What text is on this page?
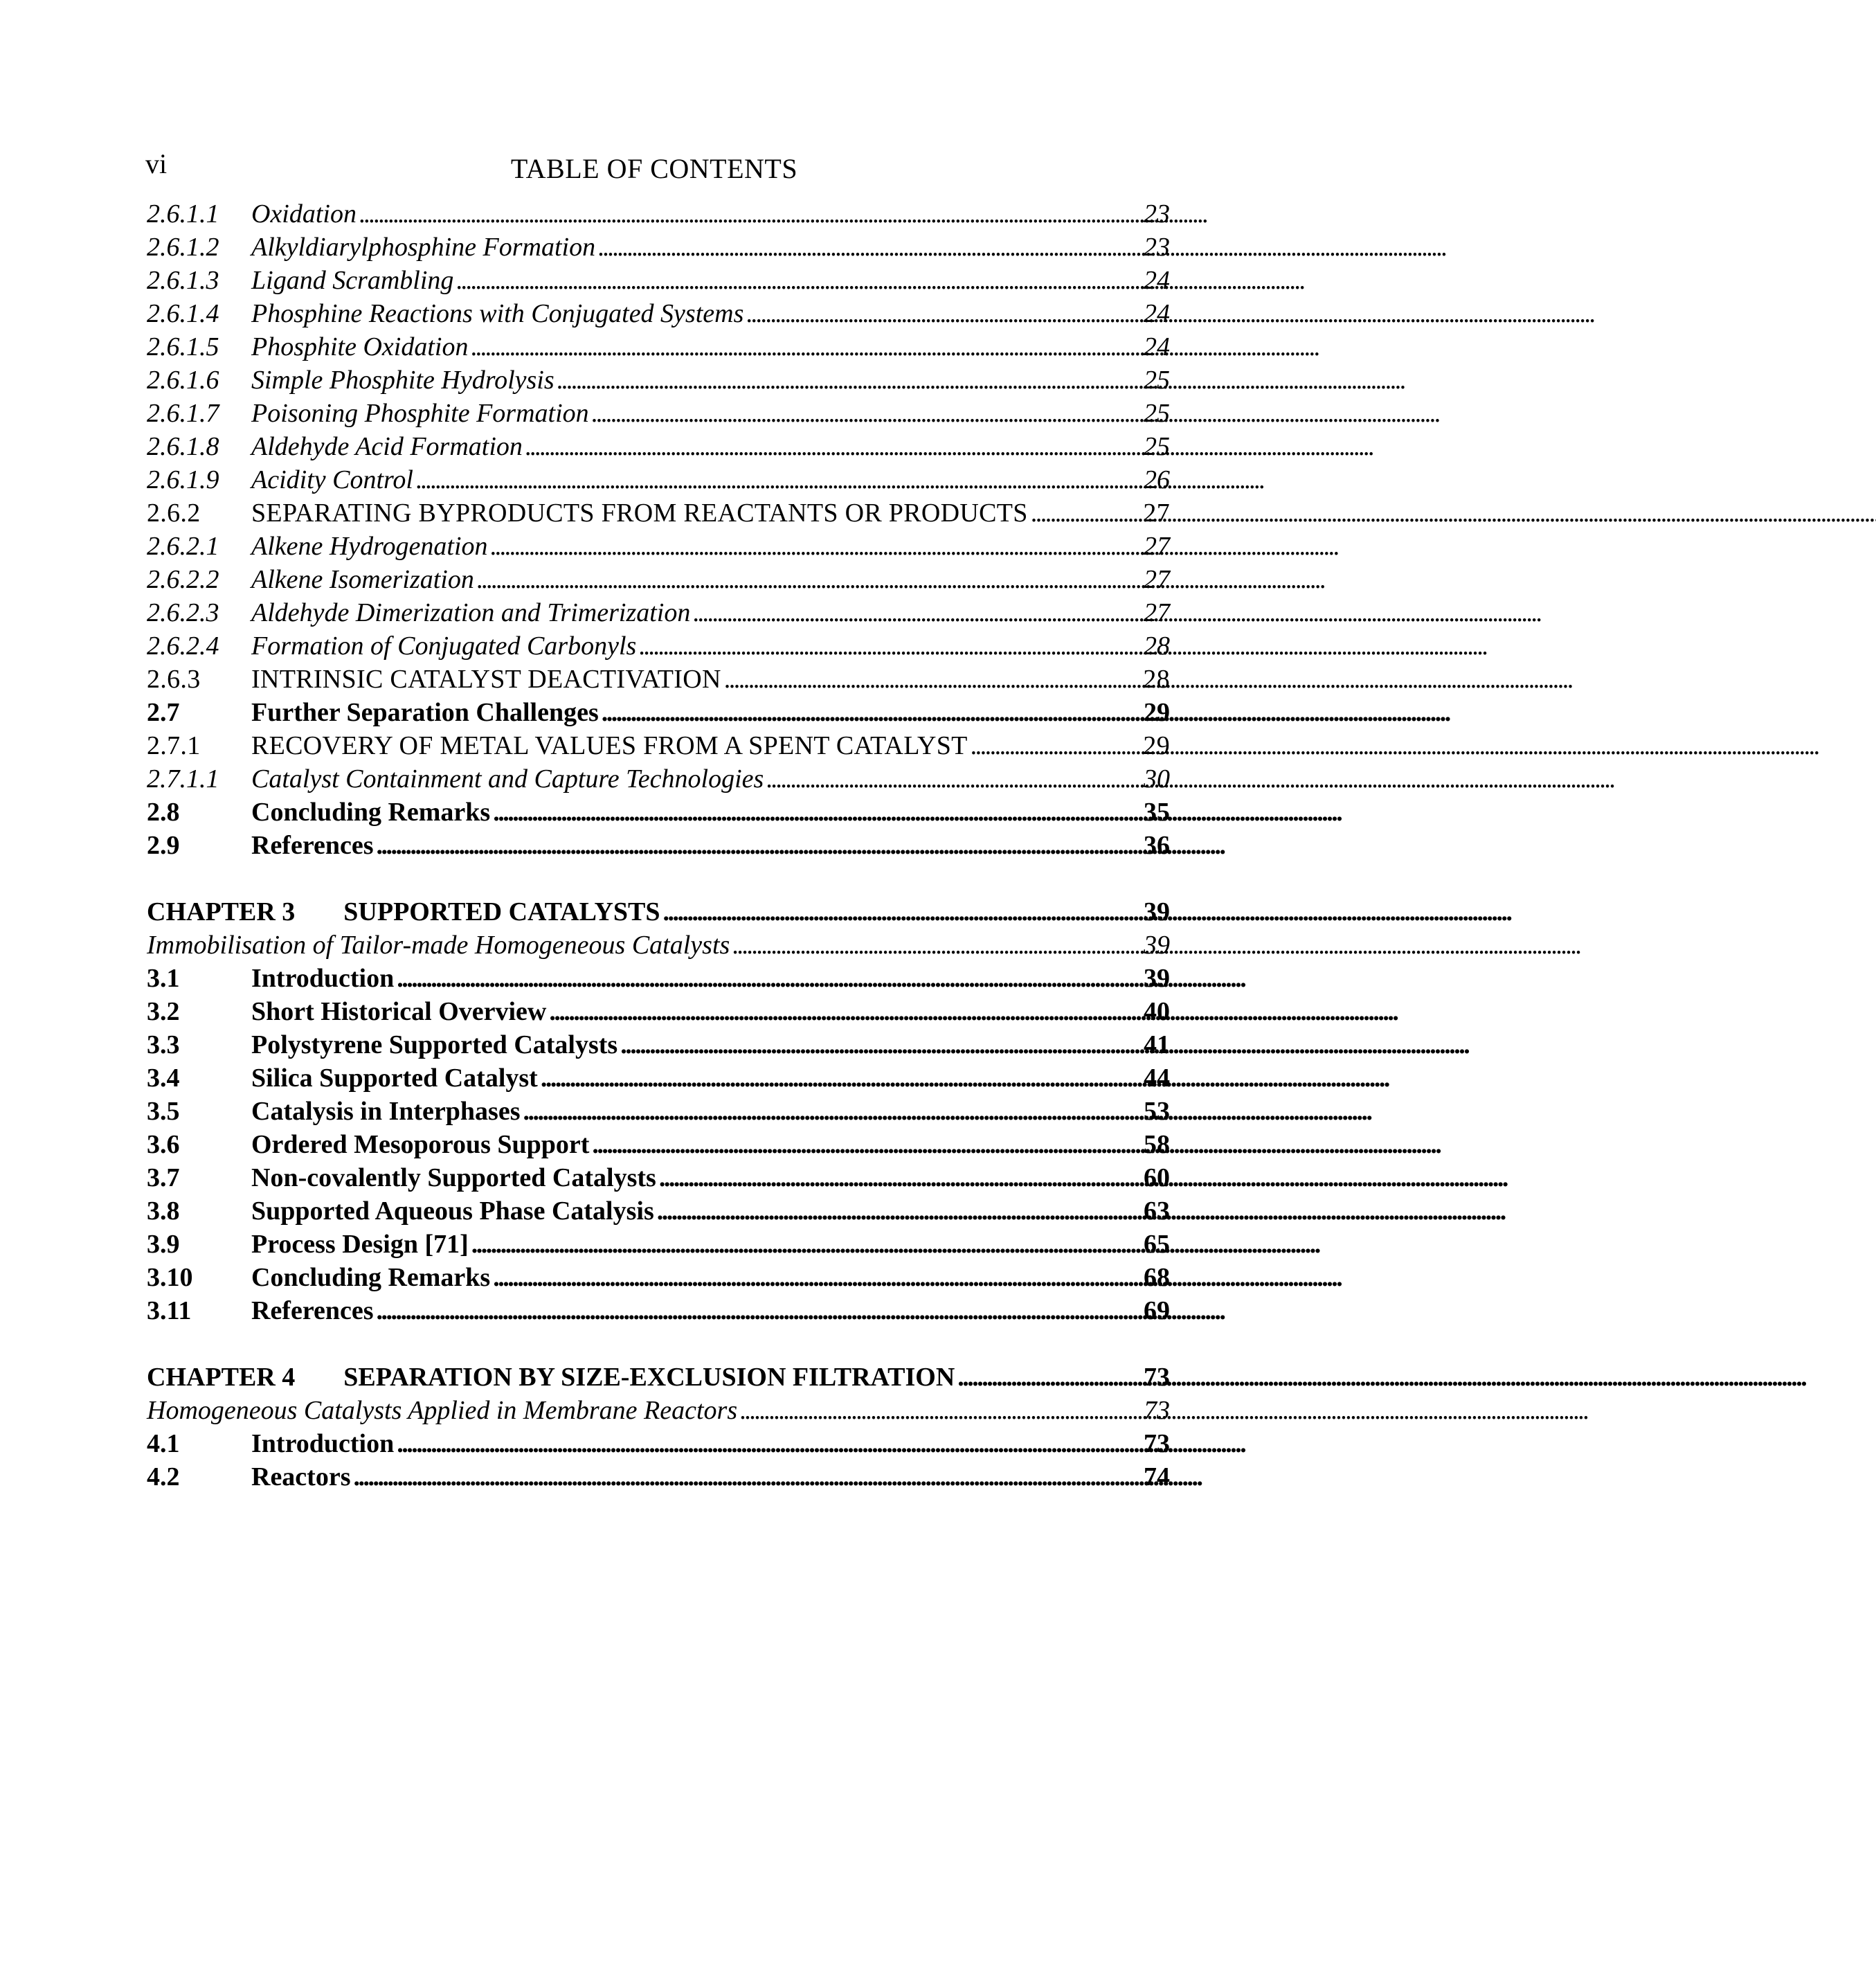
vi	TABLE OF CONTENTS
2.6.1.1	Oxidation . . .	23
2.6.1.2	Alkyldiarylphosphine Formation . . .	23
2.6.1.3	Ligand Scrambling . . .	24
2.6.1.4	Phosphine Reactions with Conjugated Systems . . .	24
2.6.1.5	Phosphite Oxidation . . .	24
2.6.1.6	Simple Phosphite Hydrolysis . . .	25
2.6.1.7	Poisoning Phosphite Formation . . .	25
2.6.1.8	Aldehyde Acid Formation . . .	25
2.6.1.9	Acidity Control . . .	26
2.6.2	SEPARATING BYPRODUCTS FROM REACTANTS OR PRODUCTS . . .	27
2.6.2.1	Alkene Hydrogenation . . .	27
2.6.2.2	Alkene Isomerization . . .	27
2.6.2.3	Aldehyde Dimerization and Trimerization . . .	27
2.6.2.4	Formation of Conjugated Carbonyls . . .	28
2.6.3	INTRINSIC CATALYST DEACTIVATION . . .	28
2.7	Further Separation Challenges . . .	29
2.7.1	RECOVERY OF METAL VALUES FROM A SPENT CATALYST . . .	29
2.7.1.1	Catalyst Containment and Capture Technologies . . .	30
2.8	Concluding Remarks . . .	35
2.9	References . . .	36
CHAPTER 3	SUPPORTED CATALYSTS . . .	39
Immobilisation of Tailor-made Homogeneous Catalysts . . .	39
3.1	Introduction . . .	39
3.2	Short Historical Overview . . .	40
3.3	Polystyrene Supported Catalysts . . .	41
3.4	Silica Supported Catalyst . . .	44
3.5	Catalysis in Interphases . . .	53
3.6	Ordered Mesoporous Support . . .	58
3.7	Non-covalently Supported Catalysts . . .	60
3.8	Supported Aqueous Phase Catalysis . . .	63
3.9	Process Design [71] . . .	65
3.10	Concluding Remarks . . .	68
3.11	References . . .	69
CHAPTER 4	SEPARATION BY SIZE-EXCLUSION FILTRATION . . .	73
Homogeneous Catalysts Applied in Membrane Reactors . . .	73
4.1	Introduction . . .	73
4.2	Reactors . . .	74
